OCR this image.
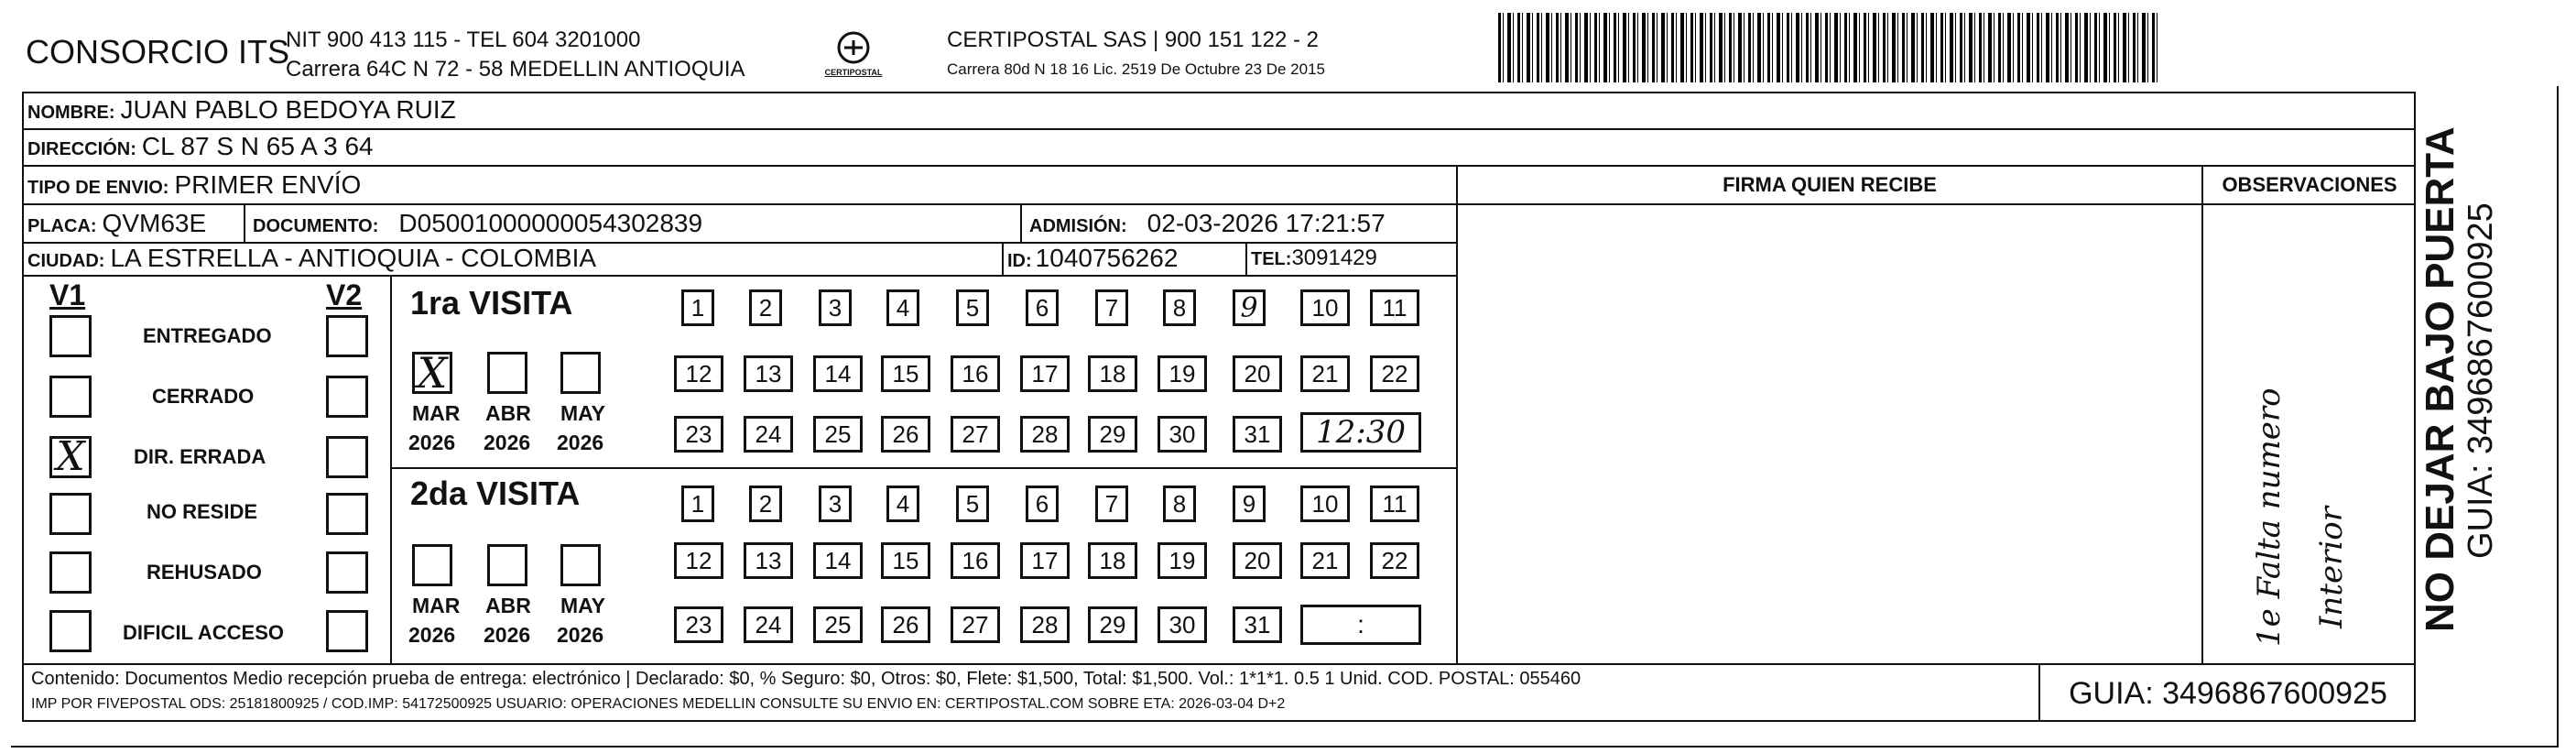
CONSORCIO ITS
NIT 900 413 115 - TEL 604 3201000
Carrera 64C N 72 - 58 MEDELLIN ANTIOQUIA	CERTIPOSTAL
CERTIPOSTAL SAS | 900 151 122 - 2
Carrera 80d N 18 16 Lic. 2519 De Octubre 23 De 2015
NOMBRE: JUAN PABLO BEDOYA RUIZ
DIRECCIÓN: CL 87 S N 65 A 3 64
TIPO DE ENVIO: PRIMER ENVÍO
PLACA: QVM63E	DOCUMENTO: D05001000000054302839	ADMISIÓN: 02-03-2026 17:21:57
CIUDAD: LA ESTRELLA - ANTIOQUIA - COLOMBIA	ID: 1040756262	TEL: 3091429
FIRMA QUIEN RECIBE	OBSERVACIONES
V1	V2
ENTREGADO
CERRADO
X DIR. ERRADA
NO RESIDE
REHUSADO
DIFICIL ACCESO
1ra VISITA
X
MAR ABR MAY
2026 2026 2026
1	2	3	4	5	6	7	8	9	10	11
12	13	14	15	16	17	18	19	20	21	22
23	24	25	26	27	28	29	30	31	12:30
2da VISITA
MAR ABR MAY
2026 2026 2026
1	2	3	4	5	6	7	8	9	10	11
12	13	14	15	16	17	18	19	20	21	22
23	24	25	26	27	28	29	30	31	:	1e Falta numero Interior
Contenido: Documentos Medio recepción prueba de entrega: electrónico | Declarado: $0, % Seguro: $0, Otros: $0, Flete: $1,500, Total: $1,500. Vol.: 1*1*1. 0.5 1 Unid. COD. POSTAL: 055460
IMP POR FIVEPOSTAL ODS: 25181800925 / COD.IMP: 54172500925 USUARIO: OPERACIONES MEDELLIN CONSULTE SU ENVIO EN: CERTIPOSTAL.COM SOBRE ETA: 2026-03-04 D+2	GUIA: 3496867600925
NO DEJAR BAJO PUERTA GUIA: 3496867600925
